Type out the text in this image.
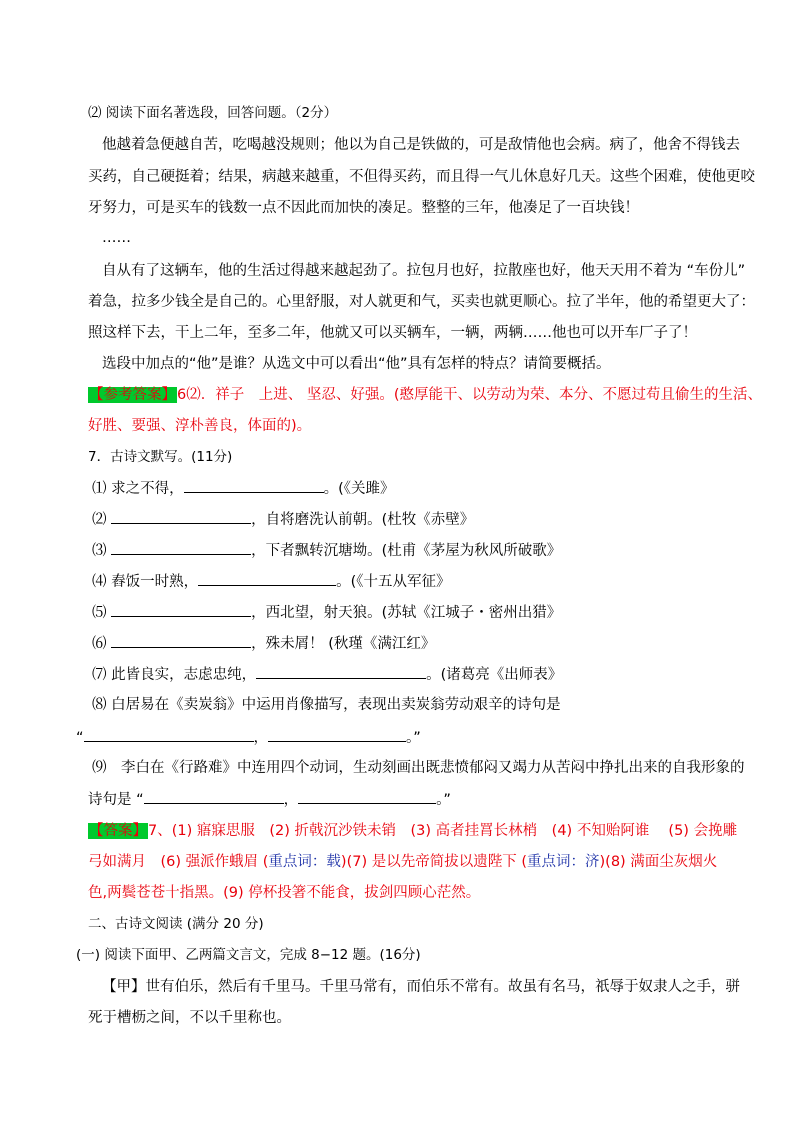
⑵ 阅读下面名著选段，回答问题。（2分）
他越着急便越自苦，吃喝越没规则；他以为自己是铁做的，可是敌情他也会病。病了，他舍不得钱去
买药，自己硬挺着；结果，病越来越重，不但得买药，而且得一气儿休息好几天。这些个困难，使他更咬
牙努力，可是买车的钱数一点不因此而加快的凑足。整整的三年，他凑足了一百块钱！
……
自从有了这辆车，他的生活过得越来越起劲了。拉包月也好，拉散座也好，他天天用不着为 “车份儿”
着急，拉多少钱全是自己的。心里舒服，对人就更和气，买卖也就更顺心。拉了半年，他的希望更大了：
照这样下去，干上二年，至多二年，他就又可以买辆车，一辆，两辆……他也可以开车厂子了！
选段中加点的“他”是谁？从选文中可以看出“他”具有怎样的特点？请简要概括。
【参考答案】6⑵．祥子　上进、 坚忍、好强。(憨厚能干、以劳动为荣、本分、不愿过苟且偷生的生活、
好胜、要强、淳朴善良，体面的)。
7．古诗文默写。(11分)
⑴ 求之不得，	。(《关雎》
⑵	，自将磨洗认前朝。(杜牧《赤壁》
⑶	，下者飘转沉塘坳。(杜甫《茅屋为秋风所破歌》
⑷ 舂饭一时熟，	。(《十五从军征》
⑸	，西北望，射天狼。(苏轼《江城子・密州出猎》
⑹	，殊未屑！ (秋瑾《满江红》
⑺ 此皆良实，志虑忠纯，	。(诸葛亮《出师表》
⑻ 白居易在《卖炭翁》中运用肖像描写，表现出卖炭翁劳动艰辛的诗句是
“	，	。”
⑼　李白在《行路难》中连用四个动词，生动刻画出既悲愤郁闷又竭力从苦闷中挣扎出来的自我形象的
诗句是 “	，	。”
【答案】7、(1) 寤寐思服　(2) 折戟沉沙铁未销　(3) 高者挂罥长林梢　(4) 不知贻阿谁　 (5) 会挽雕
弓如满月　(6) 强派作蛾眉 (重点词：载)(7) 是以先帝简拔以遗陛下 (重点词：济)(8) 满面尘灰烟火
色,两鬓苍苍十指黑。(9) 停杯投箸不能食，拔剑四顾心茫然。
二、古诗文阅读 (满分 20 分)
(一) 阅读下面甲、乙两篇文言文，完成 8−12 题。(16分)
【甲】世有伯乐，然后有千里马。千里马常有，而伯乐不常有。故虽有名马，祇辱于奴隶人之手，骈
死于槽枥之间，不以千里称也。
